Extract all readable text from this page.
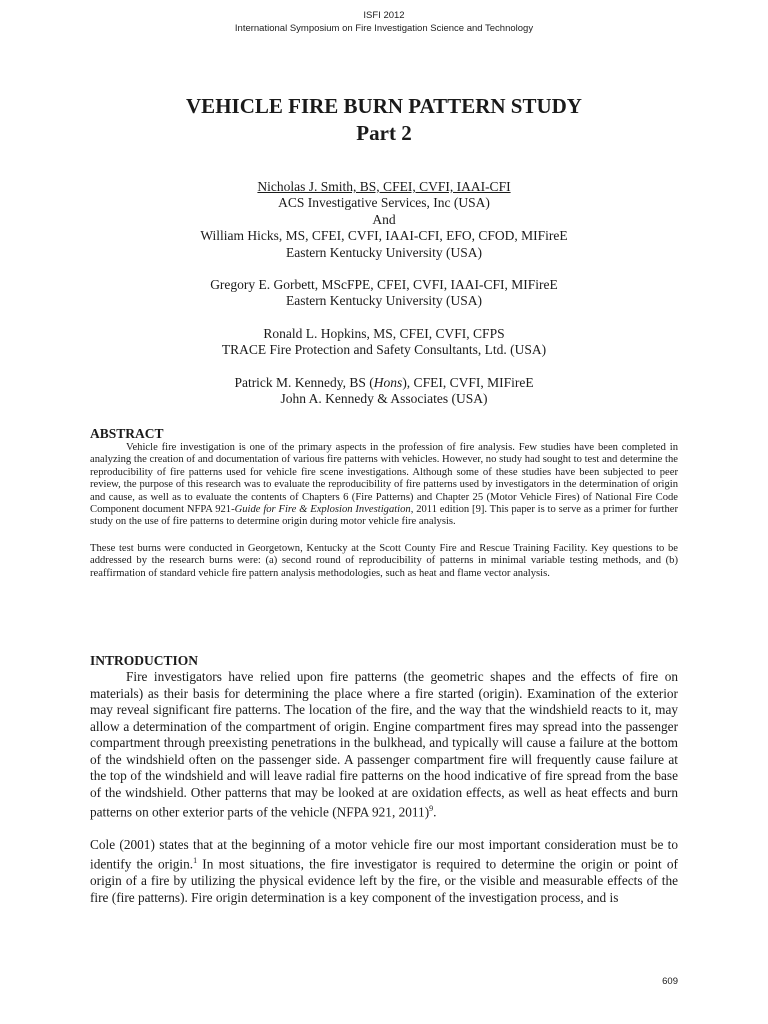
ISFI 2012
International Symposium on Fire Investigation Science and Technology
VEHICLE FIRE BURN PATTERN STUDY
Part 2
Nicholas J. Smith, BS, CFEI, CVFI, IAAI-CFI
ACS Investigative Services, Inc (USA)
And
William Hicks, MS, CFEI, CVFI, IAAI-CFI, EFO, CFOD, MIFireE
Eastern Kentucky University (USA)
Gregory E. Gorbett, MScFPE, CFEI, CVFI, IAAI-CFI, MIFireE
Eastern Kentucky University (USA)
Ronald L. Hopkins, MS, CFEI, CVFI, CFPS
TRACE Fire Protection and Safety Consultants, Ltd. (USA)
Patrick M. Kennedy, BS (Hons), CFEI, CVFI, MIFireE
John A. Kennedy & Associates (USA)
ABSTRACT

Vehicle fire investigation is one of the primary aspects in the profession of fire analysis. Few studies have been completed in analyzing the creation of and documentation of various fire patterns with vehicles. However, no study had sought to test and determine the reproducibility of fire patterns used for vehicle fire scene investigations. Although some of these studies have been subjected to peer review, the purpose of this research was to evaluate the reproducibility of fire patterns used by investigators in the determination of origin and cause, as well as to evaluate the contents of Chapters 6 (Fire Patterns) and Chapter 25 (Motor Vehicle Fires) of National Fire Code Component document NFPA 921-Guide for Fire & Explosion Investigation, 2011 edition [9]. This paper is to serve as a primer for further study on the use of fire patterns to determine origin during motor vehicle fire analysis.

These test burns were conducted in Georgetown, Kentucky at the Scott County Fire and Rescue Training Facility. Key questions to be addressed by the research burns were: (a) second round of reproducibility of patterns in minimal variable testing methods, and (b) reaffirmation of standard vehicle fire pattern analysis methodologies, such as heat and flame vector analysis.

INTRODUCTION

Fire investigators have relied upon fire patterns (the geometric shapes and the effects of fire on materials) as their basis for determining the place where a fire started (origin). Examination of the exterior may reveal significant fire patterns. The location of the fire, and the way that the windshield reacts to it, may allow a determination of the compartment of origin. Engine compartment fires may spread into the passenger compartment through preexisting penetrations in the bulkhead, and typically will cause a failure at the bottom of the windshield often on the passenger side. A passenger compartment fire will frequently cause failure at the top of the windshield and will leave radial fire patterns on the hood indicative of fire spread from the base of the windshield. Other patterns that may be looked at are oxidation effects, as well as heat effects and burn patterns on other exterior parts of the vehicle (NFPA 921, 2011)$^9$.

Cole (2001) states that at the beginning of a motor vehicle fire our most important consideration must be to identify the origin.$^1$ In most situations, the fire investigator is required to determine the origin or point of origin of a fire by utilizing the physical evidence left by the fire, or the visible and measurable effects of the fire (fire patterns). Fire origin determination is a key component of the investigation process, and is

609
